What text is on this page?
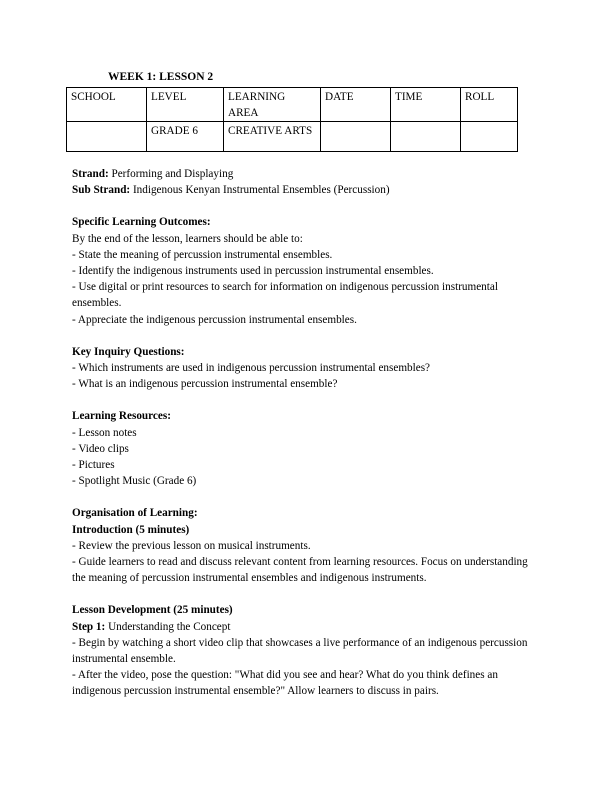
WEEK 1: LESSON 2
SCHOOL	LEVEL	LEARNING AREA	DATE	TIME	ROLL
	GRADE 6	CREATIVE ARTS			

Strand: Performing and Displaying

Sub Strand: Indigenous Kenyan Instrumental Ensembles (Percussion)

Specific Learning Outcomes:

By the end of the lesson, learners should be able to:

- State the meaning of percussion instrumental ensembles.

- Identify the indigenous instruments used in percussion instrumental ensembles.

- Use digital or print resources to search for information on indigenous percussion instrumental ensembles.

- Appreciate the indigenous percussion instrumental ensembles.

Key Inquiry Questions:

- Which instruments are used in indigenous percussion instrumental ensembles?

- What is an indigenous percussion instrumental ensemble?

Learning Resources:

- Lesson notes

- Video clips

- Pictures

- Spotlight Music (Grade 6)

Organisation of Learning:

Introduction (5 minutes)

- Review the previous lesson on musical instruments.

- Guide learners to read and discuss relevant content from learning resources. Focus on understanding the meaning of percussion instrumental ensembles and indigenous instruments.

Lesson Development (25 minutes)

Step 1: Understanding the Concept

- Begin by watching a short video clip that showcases a live performance of an indigenous percussion instrumental ensemble.

- After the video, pose the question: "What did you see and hear? What do you think defines an indigenous percussion instrumental ensemble?" Allow learners to discuss in pairs.
